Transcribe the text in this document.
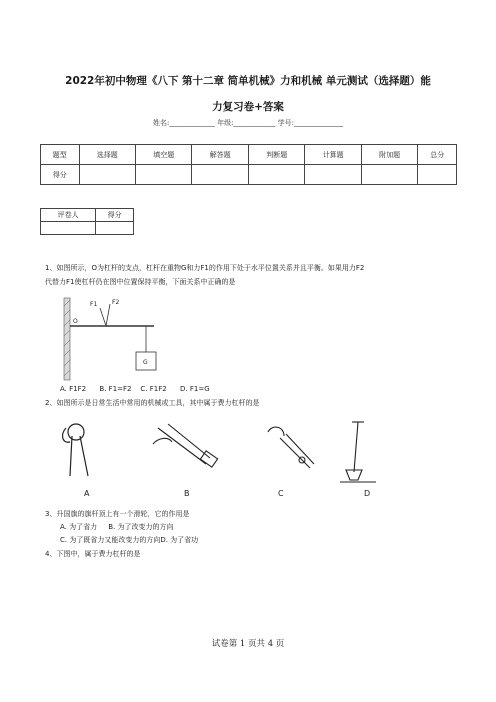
2022年初中物理《八下 第十二章 简单机械》力和机械 单元测试（选择题）能
力复习卷+答案
姓名:_____________ 年级:____________ 学号:______________
题型	选择题	填空题	解答题	判断题	计算题	附加题	总分
得分							
评卷人	得分

1、如图所示，O为杠杆的支点，杠杆在重物G和力F1的作用下处于水平位置关系并且平衡。如果用力F2
代替力F1使杠杆仍在图中位置保持平衡，下面关系中正确的是
F1 F2
O
G
A. F1F2      B. F1=F2    C. F1F2      D. F1=G
2、如图所示是日常生活中常用的机械或工具，其中属于费力杠杆的是
A	B	C	D
3、升国旗的旗杆顶上有一个滑轮，它的作用是
A. 为了省力     B. 为了改变力的方向
C. 为了既省力又能改变力的方向D. 为了省功
4、下图中，属于费力杠杆的是
试卷第 1 页共 4 页
